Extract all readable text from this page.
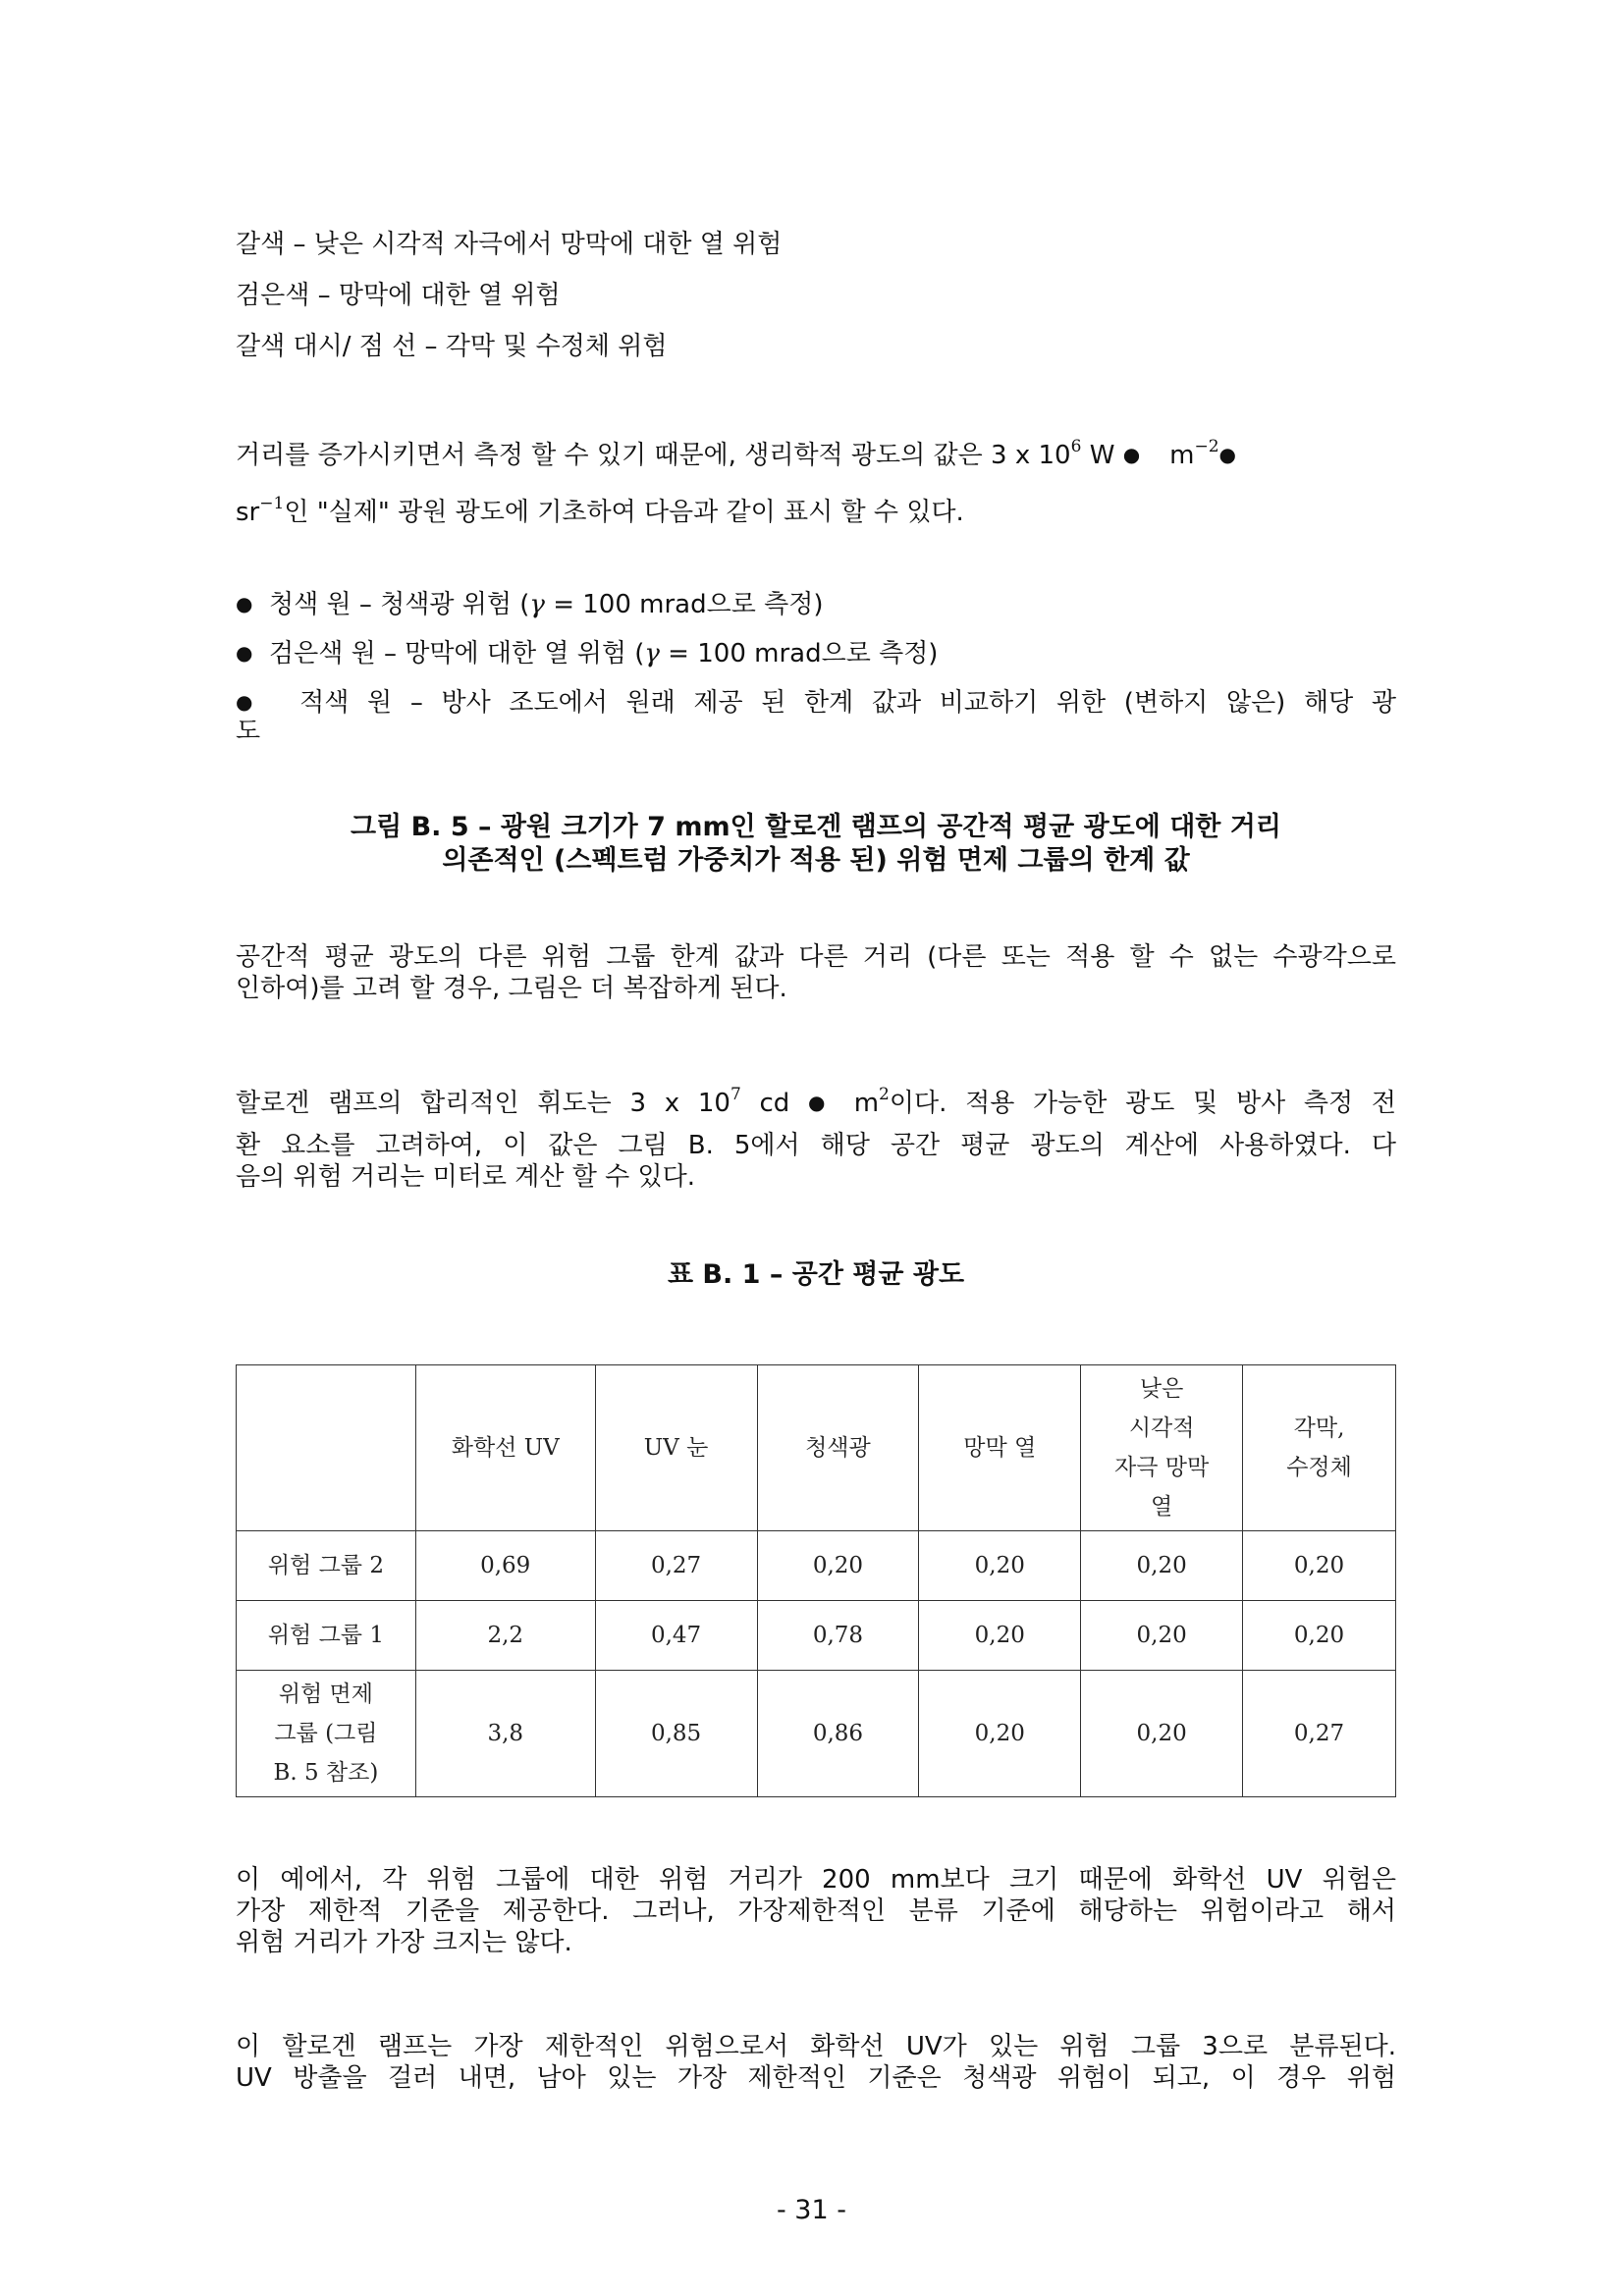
갈색 – 낮은 시각적 자극에서 망막에 대한 열 위험
검은색 – 망막에 대한 열 위험
갈색 대시/ 점 선 – 각막 및 수정체 위험
거리를 증가시키면서 측정 할 수 있기 때문에, 생리학적 광도의 값은 3 x $10^6$ W ● $m^{-2}●$
$sr^{-1}$인 "실제" 광원 광도에 기초하여 다음과 같이 표시 할 수 있다.
● 청색 원 – 청색광 위험 (γ = 100 mrad으로 측정)
● 검은색 원 – 망막에 대한 열 위험 (γ = 100 mrad으로 측정)
● 적색 원 – 방사 조도에서 원래 제공 된 한계 값과 비교하기 위한 (변하지 않은) 해당 광
도
그림 B. 5 – 광원 크기가 7 mm인 할로겐 램프의 공간적 평균 광도에 대한 거리
의존적인 (스펙트럼 가중치가 적용 된) 위험 면제 그룹의 한계 값
공간적 평균 광도의 다른 위험 그룹 한계 값과 다른 거리 (다른 또는 적용 할 수 없는 수광각으로
인하여)를 고려 할 경우, 그림은 더 복잡하게 된다.
할로겐 램프의 합리적인 휘도는 3 x $10^7$ cd ● $m^2$이다. 적용 가능한 광도 및 방사 측정 전
환 요소를 고려하여, 이 값은 그림 B. 5에서 해당 공간 평균 광도의 계산에 사용하였다. 다
음의 위험 거리는 미터로 계산 할 수 있다.
표 B. 1 – 공간 평균 광도
	화학선 UV	UV 눈	청색광	망막 열	낮은
시각적
자극 망막
열	각막,
수정체
위험 그룹 2	0,69	0,27	0,20	0,20	0,20	0,20
위험 그룹 1	2,2	0,47	0,78	0,20	0,20	0,20
위험 면제
그룹 (그림
B. 5 참조)	3,8	0,85	0,86	0,20	0,20	0,27
이 예에서, 각 위험 그룹에 대한 위험 거리가 200 mm보다 크기 때문에 화학선 UV 위험은
가장 제한적 기준을 제공한다. 그러나, 가장제한적인 분류 기준에 해당하는 위험이라고 해서
위험 거리가 가장 크지는 않다.
이 할로겐 램프는 가장 제한적인 위험으로서 화학선 UV가 있는 위험 그룹 3으로 분류된다.
UV 방출을 걸러 내면, 남아 있는 가장 제한적인 기준은 청색광 위험이 되고, 이 경우 위험
- 31 -
